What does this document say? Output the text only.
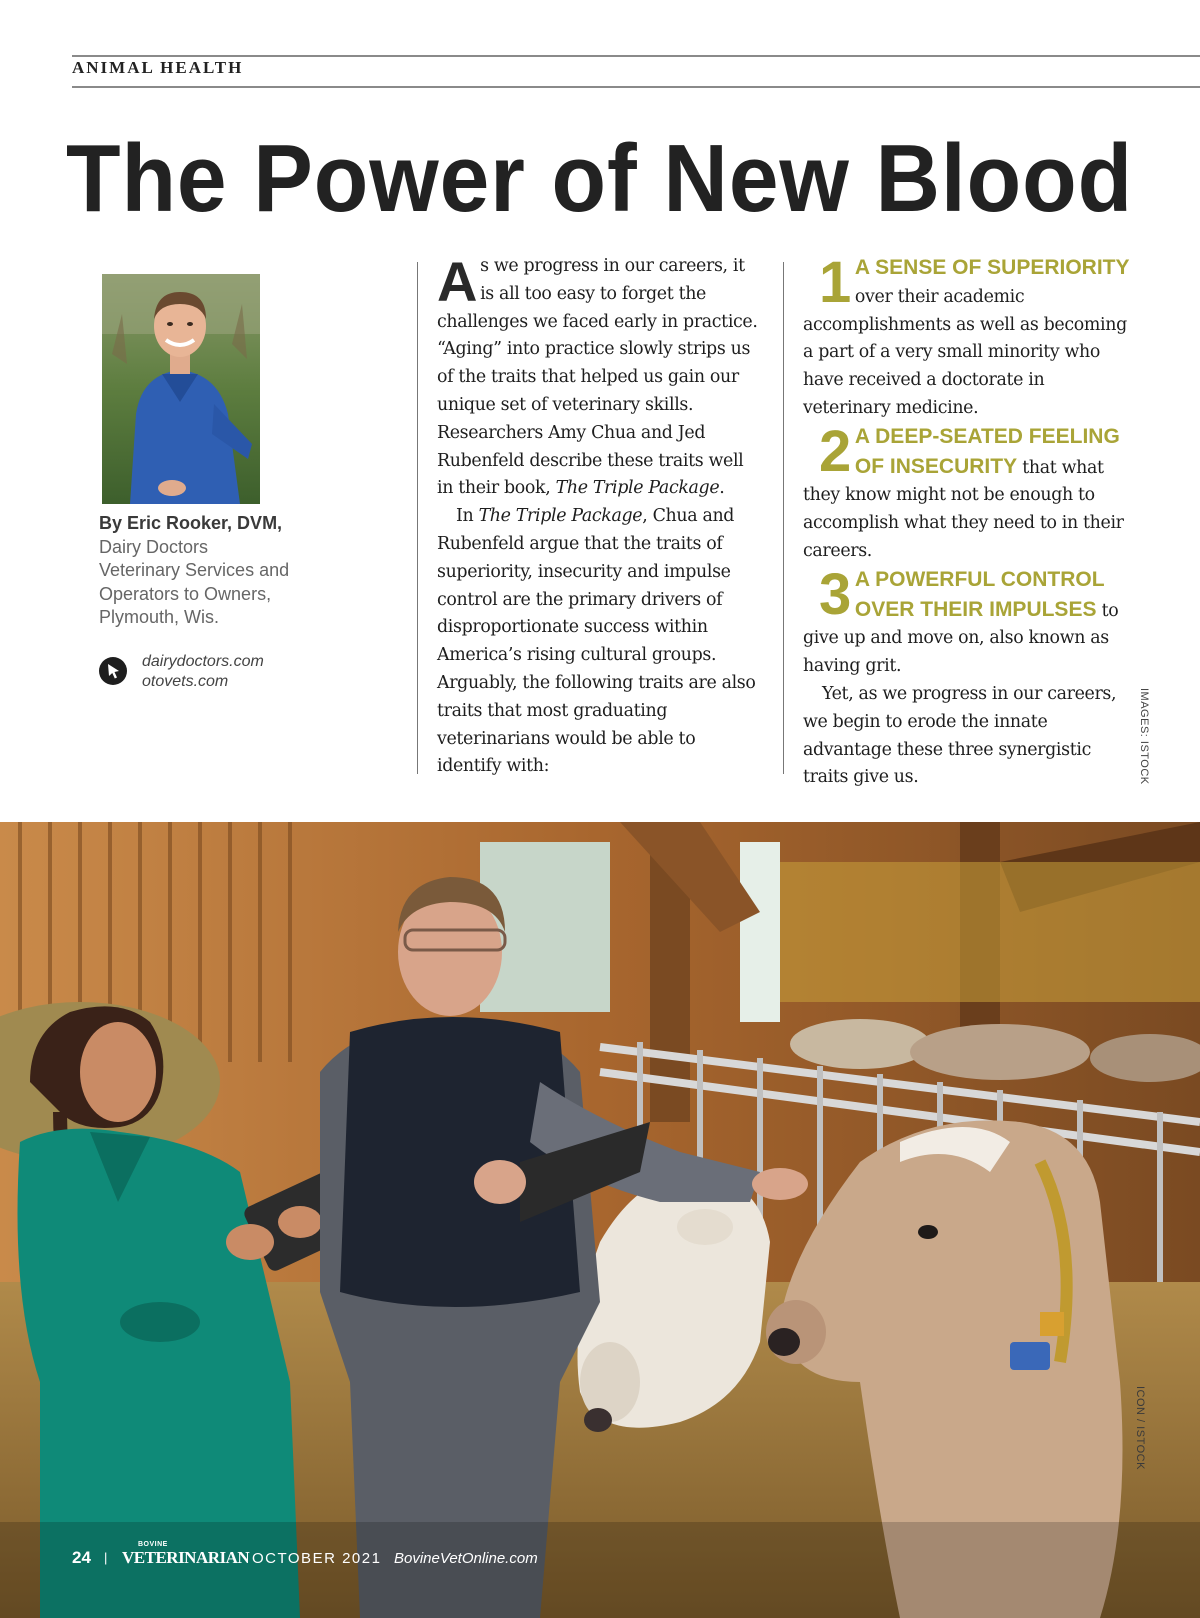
ANIMAL HEALTH
The Power of New Blood
By Eric Rooker, DVM,
Dairy Doctors
Veterinary Services and
Operators to Owners,
Plymouth, Wis.
dairydoctors.com
otovets.com

As we progress in our careers, it is all too easy to forget the challenges we faced early in practice. “Aging” into practice slowly strips us of the traits that helped us gain our unique set of veterinary skills. Researchers Amy Chua and Jed Rubenfeld describe these traits well in their book, The Triple Package.

In The Triple Package, Chua and Rubenfeld argue that the traits of superiority, insecurity and impulse control are the primary drivers of disproportionate success within America’s rising cultural groups. Arguably, the following traits are also traits that most graduating veterinarians would be able to identify with:

1 A SENSE OF SUPERIORITY over their academic accomplishments as well as becoming a part of a very small minority who have received a doctorate in veterinary medicine.
2 A DEEP-SEATED FEELING OF INSECURITY that what they know might not be enough to accomplish what they need to in their careers.
3 A POWERFUL CONTROL OVER THEIR IMPULSES to give up and move on, also known as having grit.

Yet, as we progress in our careers, we begin to erode the innate advantage these three synergistic traits give us.	IMAGES: ISTOCK
ICON / ISTOCK
24 |
BOVINE
VETERINARIAN OCTOBER 2021 BovineVetOnline.com
